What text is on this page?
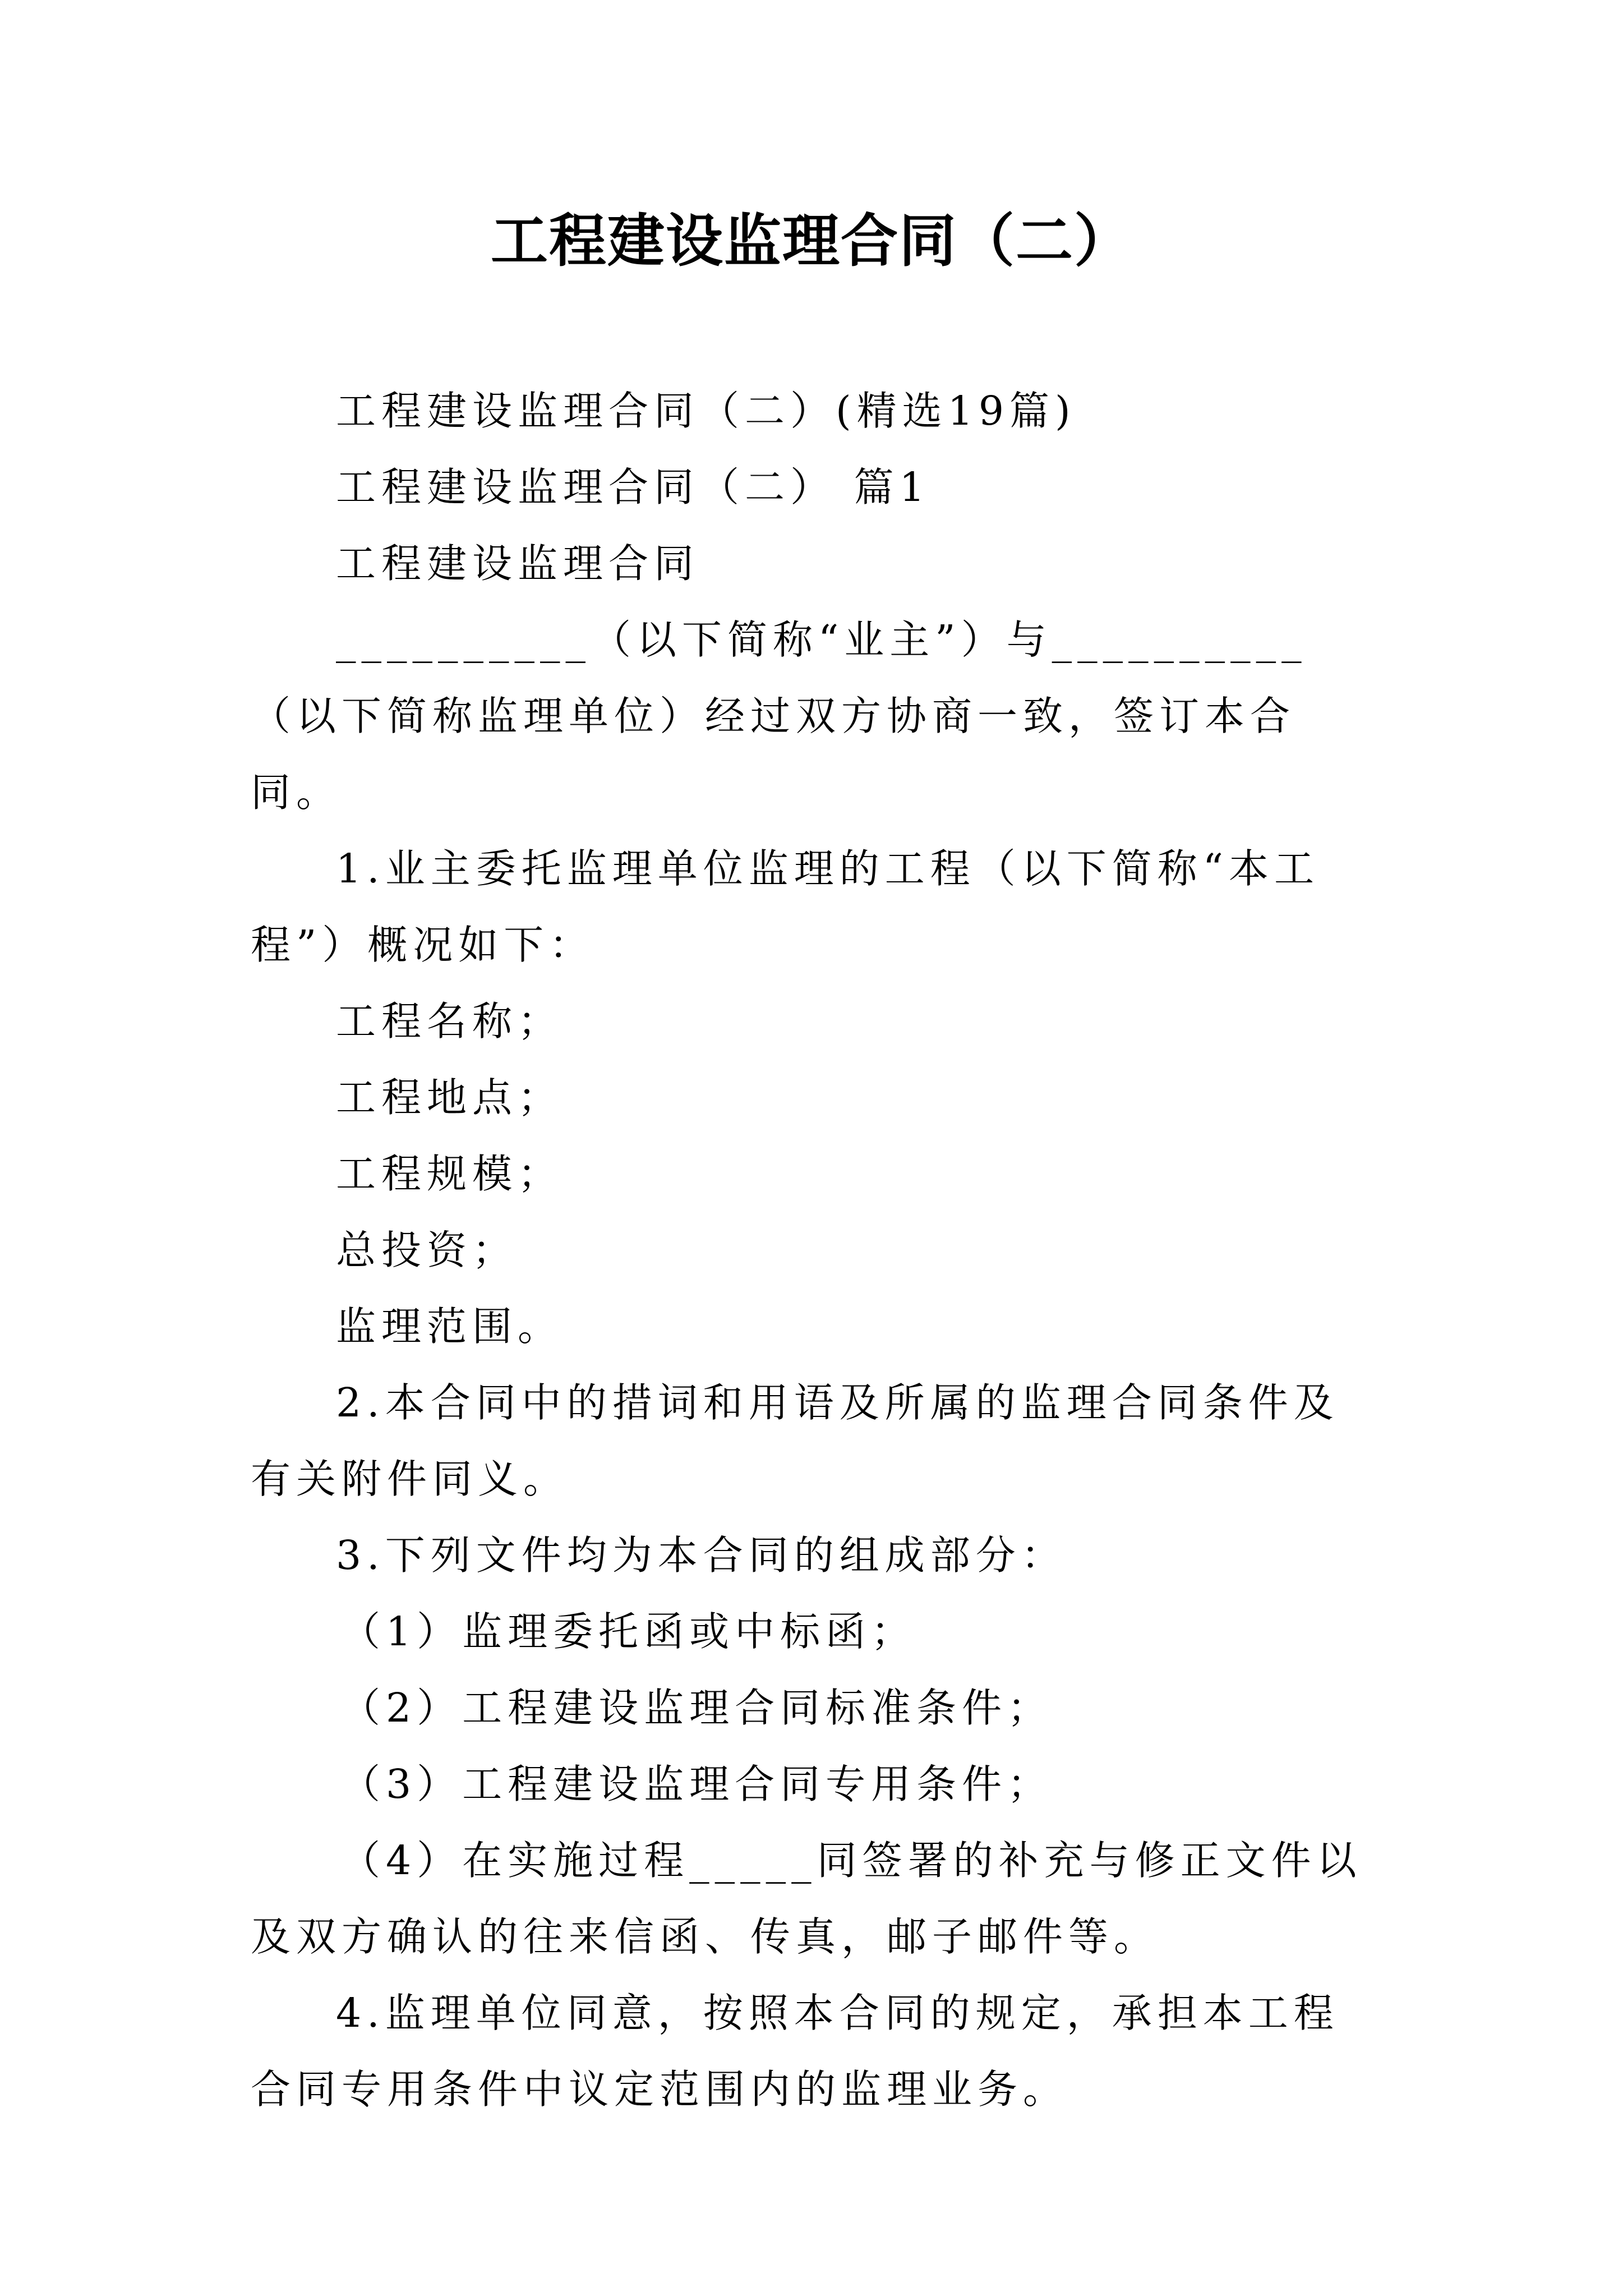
工程建设监理合同（二）

工程建设监理合同（二）(精选19篇)

工程建设监理合同（二） 篇1

工程建设监理合同

__________（以下简称“业主”）与__________（以下简称监理单位）经过双方协商一致，签订本合同。

1.业主委托监理单位监理的工程（以下简称“本工程”）概况如下：

工程名称；

工程地点；

工程规模；

总投资；

监理范围。

2.本合同中的措词和用语及所属的监理合同条件及有关附件同义。

3.下列文件均为本合同的组成部分：

（1）监理委托函或中标函；

（2）工程建设监理合同标准条件；

（3）工程建设监理合同专用条件；

（4）在实施过程_____同签署的补充与修正文件以及双方确认的往来信函、传真，邮子邮件等。

4.监理单位同意，按照本合同的规定，承担本工程合同专用条件中议定范围内的监理业务。
